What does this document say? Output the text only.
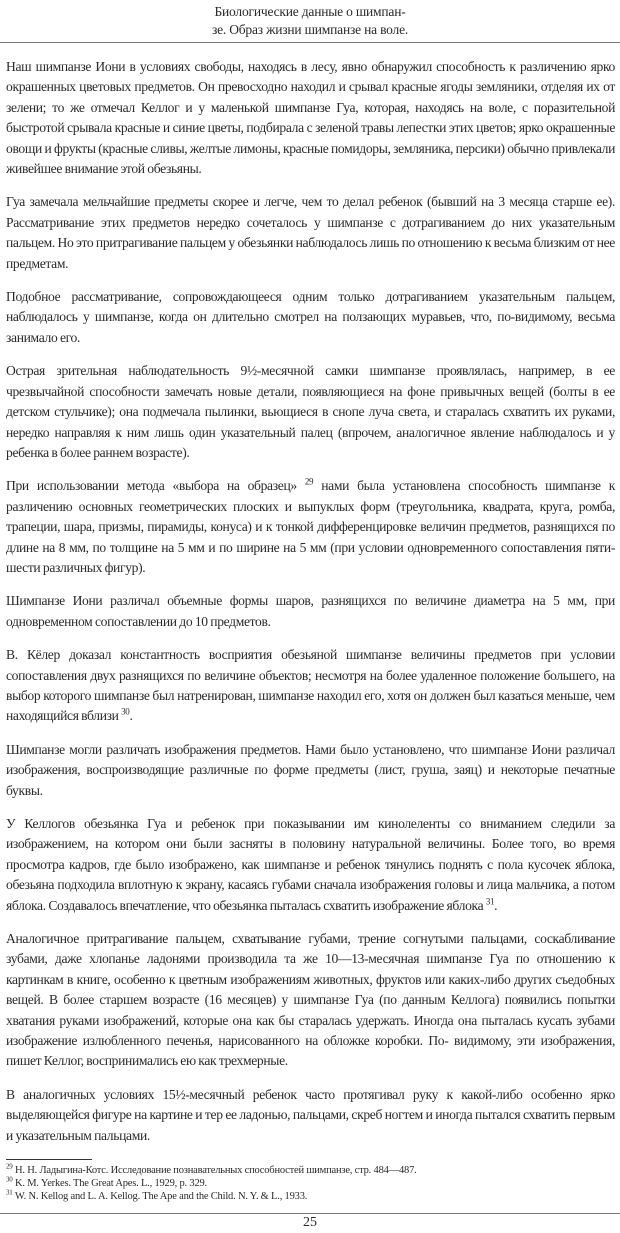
Биологические данные о шимпан-
зе. Образ жизни шимпанзе на воле.

Наш шимпанзе Иони в условиях свободы, находясь в лесу, явно обнаружил способность к различению ярко окрашенных цветовых предметов. Он превосходно находил и срывал красные ягоды земляники, отделяя их от зелени; то же отмечал Келлог и у маленькой шимпанзе Гуа, которая, находясь на воле, с поразительной быстротой срывала красные и синие цветы, подбирала с зеленой травы лепестки этих цветов; ярко окрашенные овощи и фрукты (красные сливы, желтые лимоны, красные помидоры, земляника, персики) обычно привлекали живейшее внимание этой обезьяны.

Гуа замечала мельчайшие предметы скорее и легче, чем то делал ребенок (бывший на 3 месяца старше ее). Рассматривание этих предметов нередко сочеталось у шимпанзе с дотрагиванием до них указательным пальцем. Но это притрагивание пальцем у обезьянки наблюдалось лишь по отношению к весьма близким от нее предметам.

Подобное рассматривание, сопровождающееся одним только дотрагиванием указательным пальцем, наблюдалось у шимпанзе, когда он длительно смотрел на ползающих муравьев, что, по-видимому, весьма занимало его.

Острая зрительная наблюдательность 9½-месячной самки шимпанзе проявлялась, например, в ее чрезвычайной способности замечать новые детали, появляющиеся на фоне привычных вещей (болты в ее детском стульчике); она подмечала пылинки, вьющиеся в снопе луча света, и старалась схватить их руками, нередко направляя к ним лишь один указательный палец (впрочем, аналогичное явление наблюдалось и у ребенка в более раннем возрасте).

При использовании метода «выбора на образец» $^{29}$ нами была установлена способность шимпанзе к различению основных геометрических плоских и выпуклых форм (треугольника, квадрата, круга, ромба, трапеции, шара, призмы, пирамиды, конуса) и к тонкой дифференцировке величин предметов, разнящихся по длине на 8 мм, по толщине на 5 мм и по ширине на 5 мм (при условии одновременного сопоставления пяти-шести различных фигур).

Шимпанзе Иони различал объемные формы шаров, разнящихся по величине диаметра на 5 мм, при одновременном сопоставлении до 10 предметов.

В. Кёлер доказал константность восприятия обезьяной шимпанзе величины предметов при условии сопоставления двух разнящихся по величине объектов; несмотря на более удаленное положение большего, на выбор которого шимпанзе был натренирован, шимпанзе находил его, хотя он должен был казаться меньше, чем находящийся вблизи $^{30}$.

Шимпанзе могли различать изображения предметов. Нами было установлено, что шимпанзе Иони различал изображения, воспроизводящие различные по форме предметы (лист, груша, заяц) и некоторые печатные буквы.

У Келлогов обезьянка Гуа и ребенок при показывании им кинолеленты со вниманием следили за изображением, на котором они были засняты в половину натуральной величины. Более того, во время просмотра кадров, где было изображено, как шимпанзе и ребенок тянулись поднять с пола кусочек яблока, обезьяна подходила вплотную к экрану, касаясь губами сначала изображения головы и лица мальчика, а потом яблока. Создавалось впечатление, что обезьянка пыталась схватить изображение яблока $^{31}$.

Аналогичное притрагивание пальцем, схватывание губами, трение согнутыми пальцами, соскабливание зубами, даже хлопанье ладонями производила та же 10—13-месячная шимпанзе Гуа по отношению к картинкам в книге, особенно к цветным изображениям животных, фруктов или каких-либо других съедобных вещей. В более старшем возрасте (16 месяцев) у шимпанзе Гуа (по данным Келлога) появились попытки хватания руками изображений, которые она как бы старалась удержать. Иногда она пыталась кусать зубами изображение излюбленного печенья, нарисованного на обложке коробки. По- видимому, эти изображения, пишет Келлог, воспринимались ею как трехмерные.

В аналогичных условиях 15½-месячный ребенок часто протягивал руку к какой-либо особенно ярко выделяющейся фигуре на картине и тер ее ладонью, пальцами, скреб ногтем и иногда пытался схватить первым и указательным пальцами.

$^{29}$ Н. Н. Ладыгина-Котс. Исследование познавательных способностей шимпанзе, стр. 484—487.
$^{30}$ K. M. Yerkes. The Great Apes. L., 1929, p. 329.
$^{31}$ W. N. Kellog and L. A. Kellog. The Ape and the Child. N. Y. & L., 1933.
25
